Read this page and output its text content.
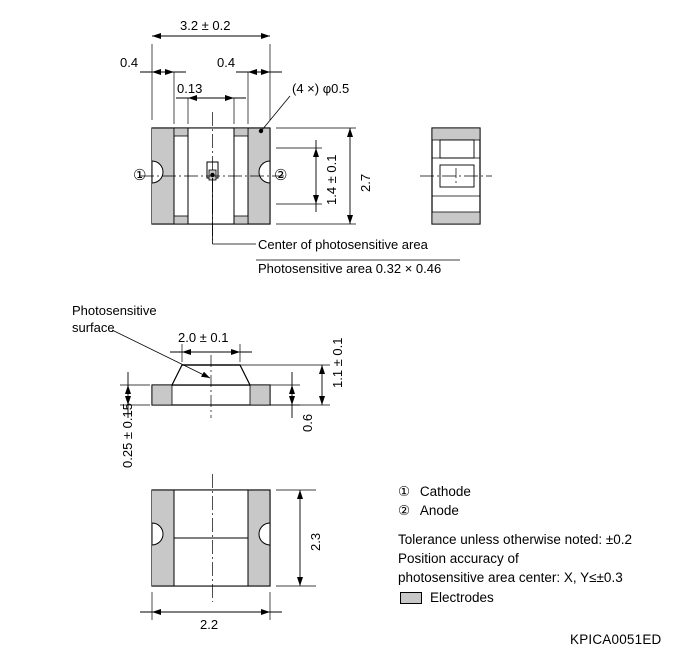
3.2 ± 0.2
0.4	0.4
0.13	(4 ×) φ0.5
2.7
1.4 ± 0.1
①	②
Center of photosensitive area
Photosensitive area 0.32 × 0.46
Photosensitive
surface
2.0 ± 0.1	1.1 ± 0.1
0.25 ± 0.15	0.6
2.3
2.2
① Cathode
② Anode
Tolerance unless otherwise noted: ±0.2
Position accuracy of
photosensitive area center: X, Y≤±0.3
Electrodes
KPICA0051ED
